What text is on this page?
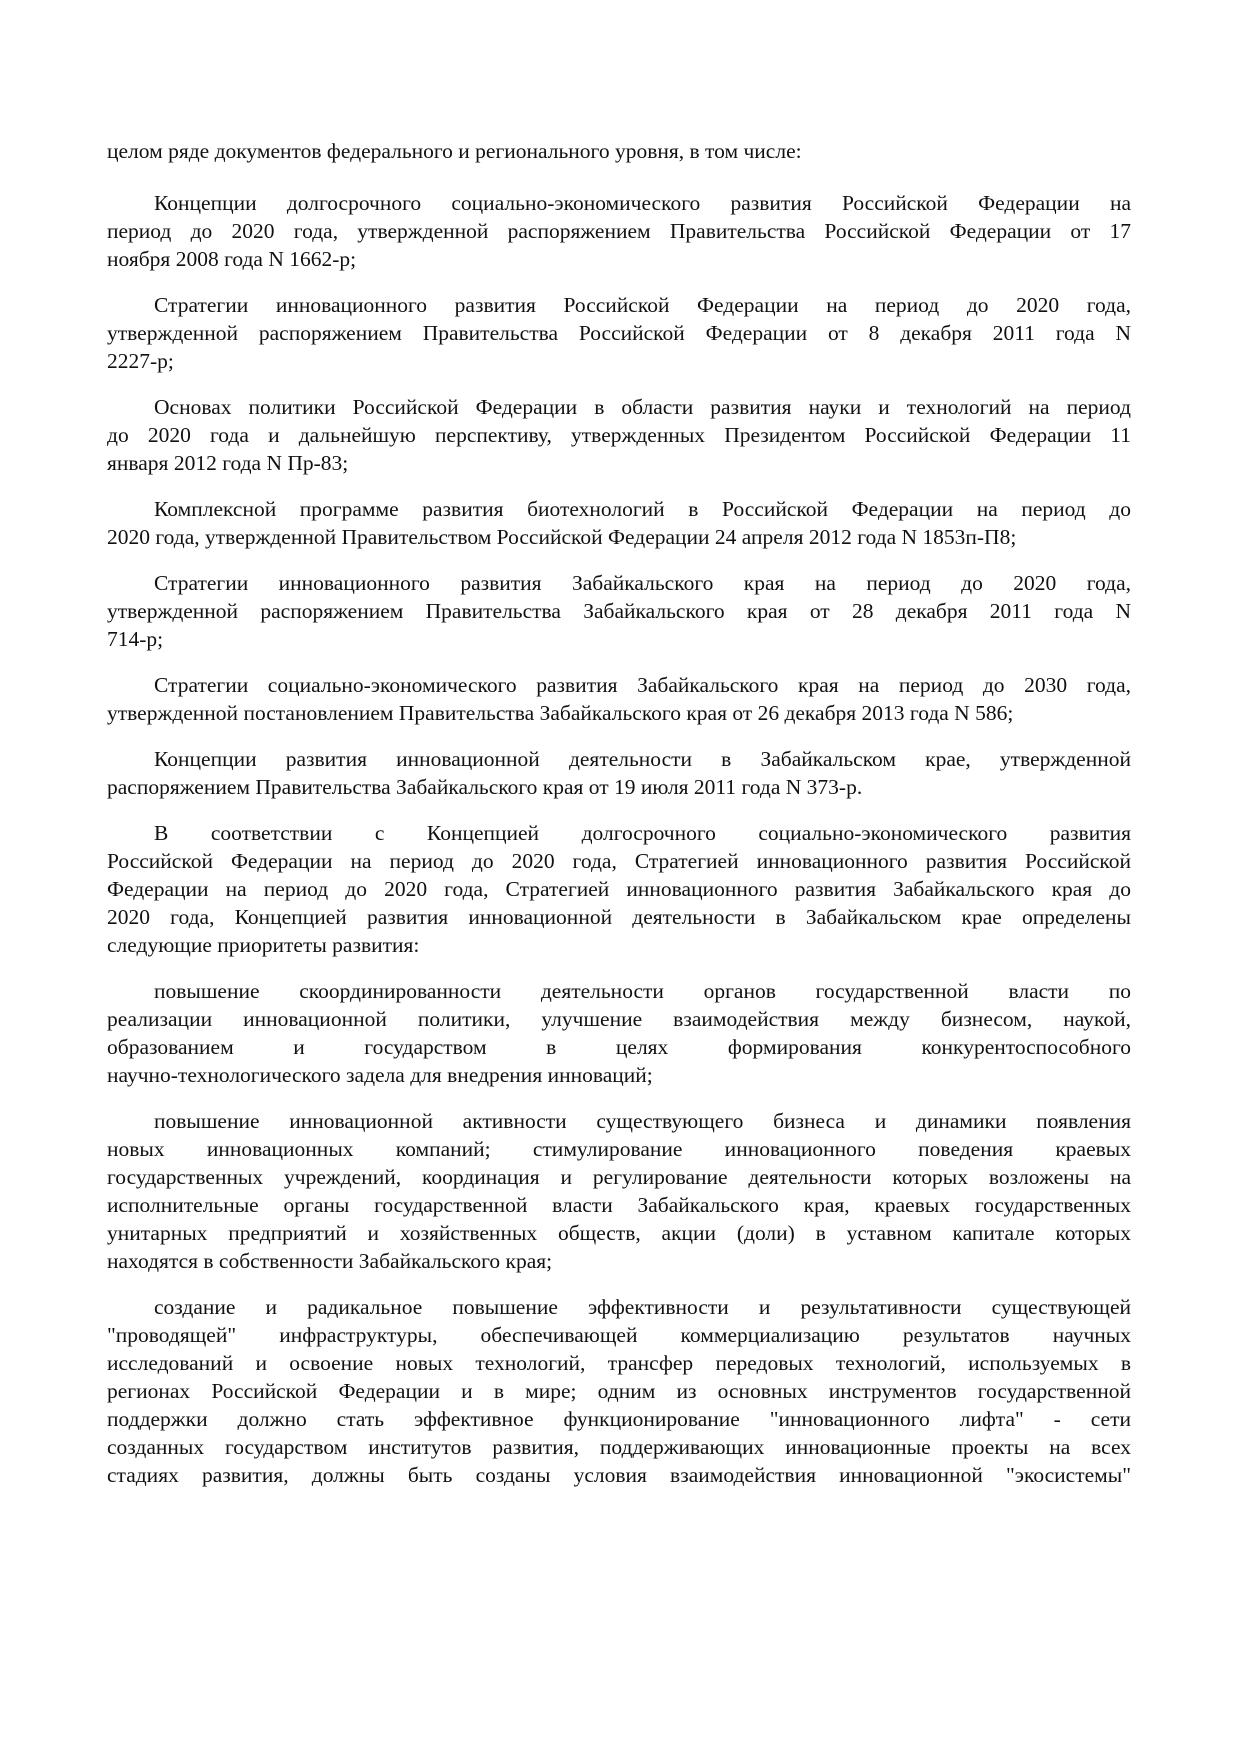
целом ряде документов федерального и регионального уровня, в том числе:
Концепции долгосрочного социально-экономического развития Российской Федерации на
период до 2020 года, утвержденной распоряжением Правительства Российской Федерации от 17
ноября 2008 года N 1662-р;
Стратегии инновационного развития Российской Федерации на период до 2020 года,
утвержденной распоряжением Правительства Российской Федерации от 8 декабря 2011 года N
2227-р;
Основах политики Российской Федерации в области развития науки и технологий на период
до 2020 года и дальнейшую перспективу, утвержденных Президентом Российской Федерации 11
января 2012 года N Пр-83;
Комплексной программе развития биотехнологий в Российской Федерации на период до
2020 года, утвержденной Правительством Российской Федерации 24 апреля 2012 года N 1853п-П8;
Стратегии инновационного развития Забайкальского края на период до 2020 года,
утвержденной распоряжением Правительства Забайкальского края от 28 декабря 2011 года N
714-р;
Стратегии социально-экономического развития Забайкальского края на период до 2030 года,
утвержденной постановлением Правительства Забайкальского края от 26 декабря 2013 года N 586;
Концепции развития инновационной деятельности в Забайкальском крае, утвержденной
распоряжением Правительства Забайкальского края от 19 июля 2011 года N 373-р.
В соответствии с Концепцией долгосрочного социально-экономического развития
Российской Федерации на период до 2020 года, Стратегией инновационного развития Российской
Федерации на период до 2020 года, Стратегией инновационного развития Забайкальского края до
2020 года, Концепцией развития инновационной деятельности в Забайкальском крае определены
следующие приоритеты развития:
повышение скоординированности деятельности органов государственной власти по
реализации инновационной политики, улучшение взаимодействия между бизнесом, наукой,
образованием и государством в целях формирования конкурентоспособного
научно-технологического задела для внедрения инноваций;
повышение инновационной активности существующего бизнеса и динамики появления
новых инновационных компаний; стимулирование инновационного поведения краевых
государственных учреждений, координация и регулирование деятельности которых возложены на
исполнительные органы государственной власти Забайкальского края, краевых государственных
унитарных предприятий и хозяйственных обществ, акции (доли) в уставном капитале которых
находятся в собственности Забайкальского края;
создание и радикальное повышение эффективности и результативности существующей
"проводящей" инфраструктуры, обеспечивающей коммерциализацию результатов научных
исследований и освоение новых технологий, трансфер передовых технологий, используемых в
регионах Российской Федерации и в мире; одним из основных инструментов государственной
поддержки должно стать эффективное функционирование "инновационного лифта" - сети
созданных государством институтов развития, поддерживающих инновационные проекты на всех
стадиях развития, должны быть созданы условия взаимодействия инновационной "экосистемы"
